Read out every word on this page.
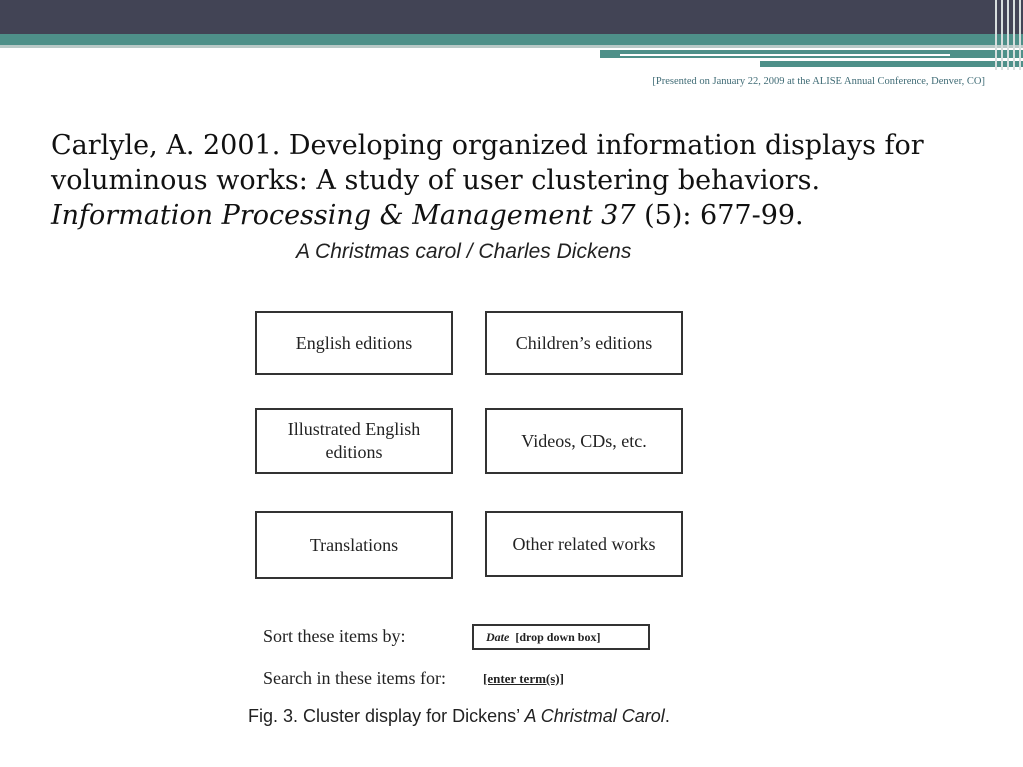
[Presented on January 22, 2009 at the ALISE Annual Conference, Denver, CO]
Carlyle, A. 2001. Developing organized information displays for
voluminous works: A study of user clustering behaviors.
Information Processing & Management 37 (5): 677-99.
A Christmas carol / Charles Dickens
English editions	Children’s editions
Illustrated English editions
Videos, CDs, etc.
Translations	Other related works
Sort these items by:	Date [drop down box]
Search in these items for:	[enter term(s)]
Fig. 3. Cluster display for Dickens’ A Christmal Carol.
